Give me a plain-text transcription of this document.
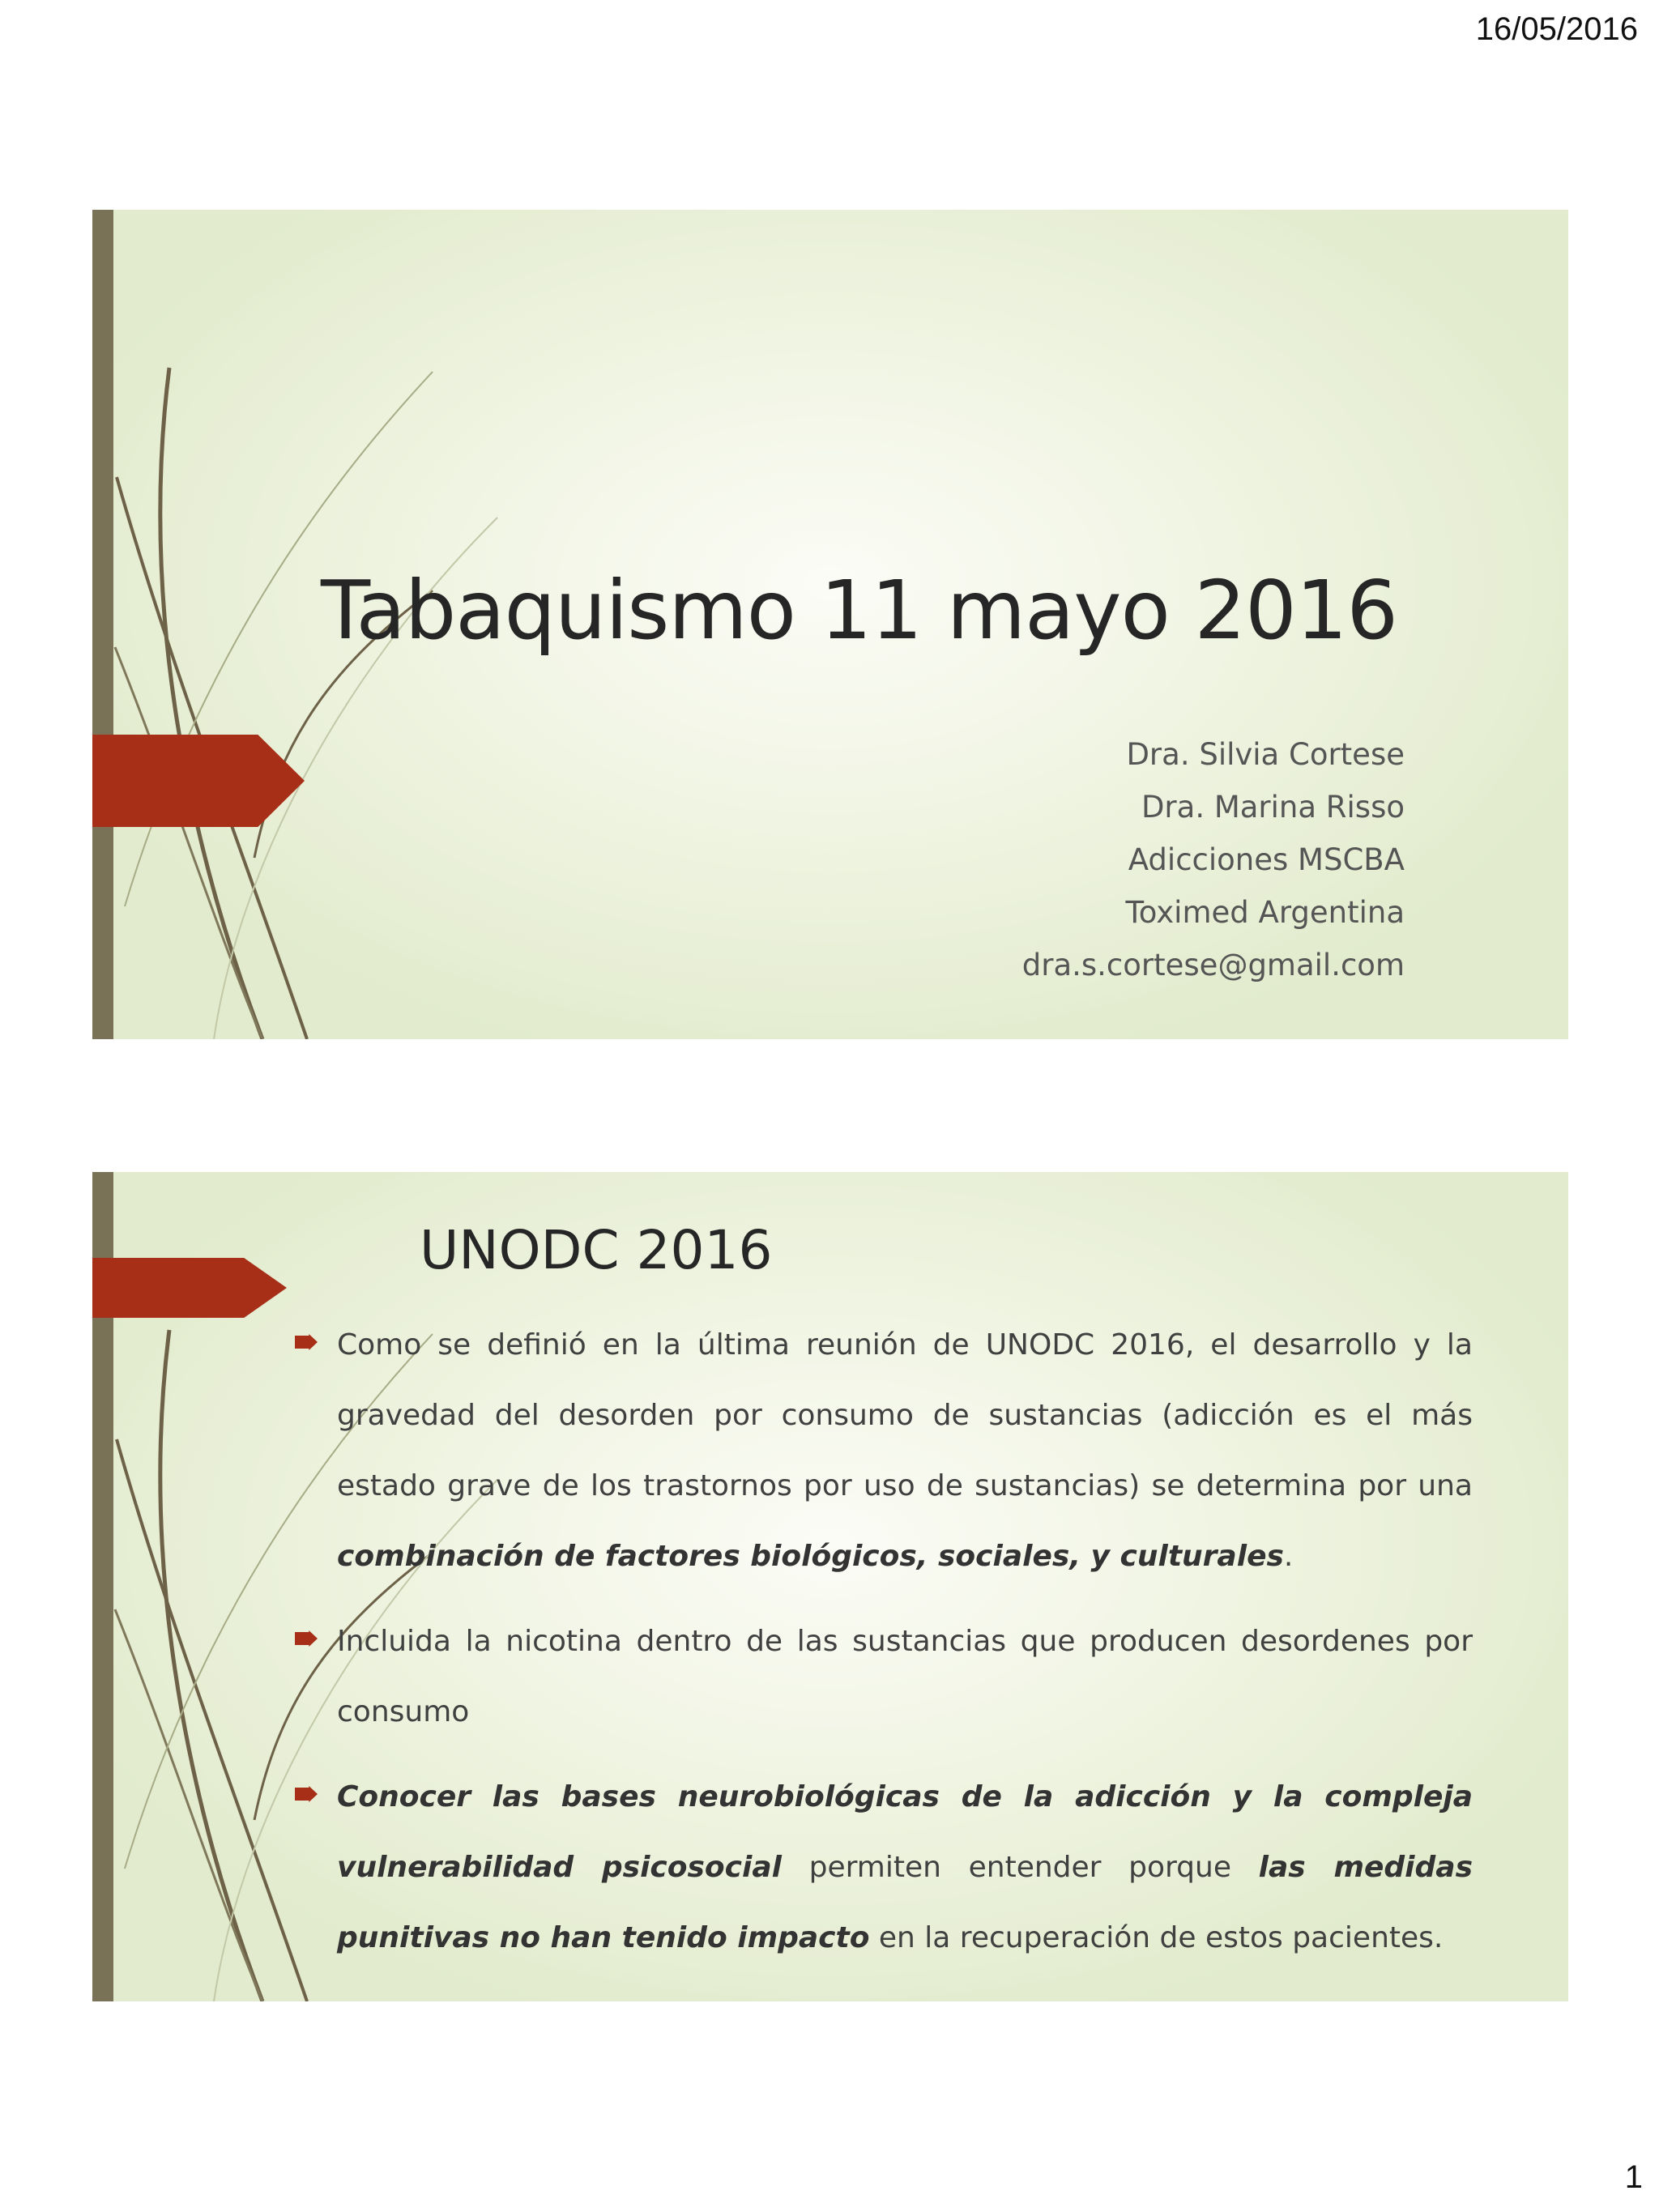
16/05/2016
Tabaquismo 11 mayo 2016
Dra. Silvia Cortese
Dra. Marina Risso
Adicciones MSCBA
Toximed Argentina
dra.s.cortese@gmail.com
UNODC 2016
Como se definió en la última reunión de UNODC 2016, el desarrollo y la gravedad del desorden por consumo de sustancias (adicción es el más estado grave de los trastornos por uso de sustancias) se determina por una combinación de factores biológicos, sociales, y culturales.
Incluida la nicotina dentro de las sustancias que producen desordenes por consumo
Conocer las bases neurobiológicas de la adicción y la compleja vulnerabilidad psicosocial permiten entender porque las medidas punitivas no han tenido impacto en la recuperación de estos pacientes.
1
